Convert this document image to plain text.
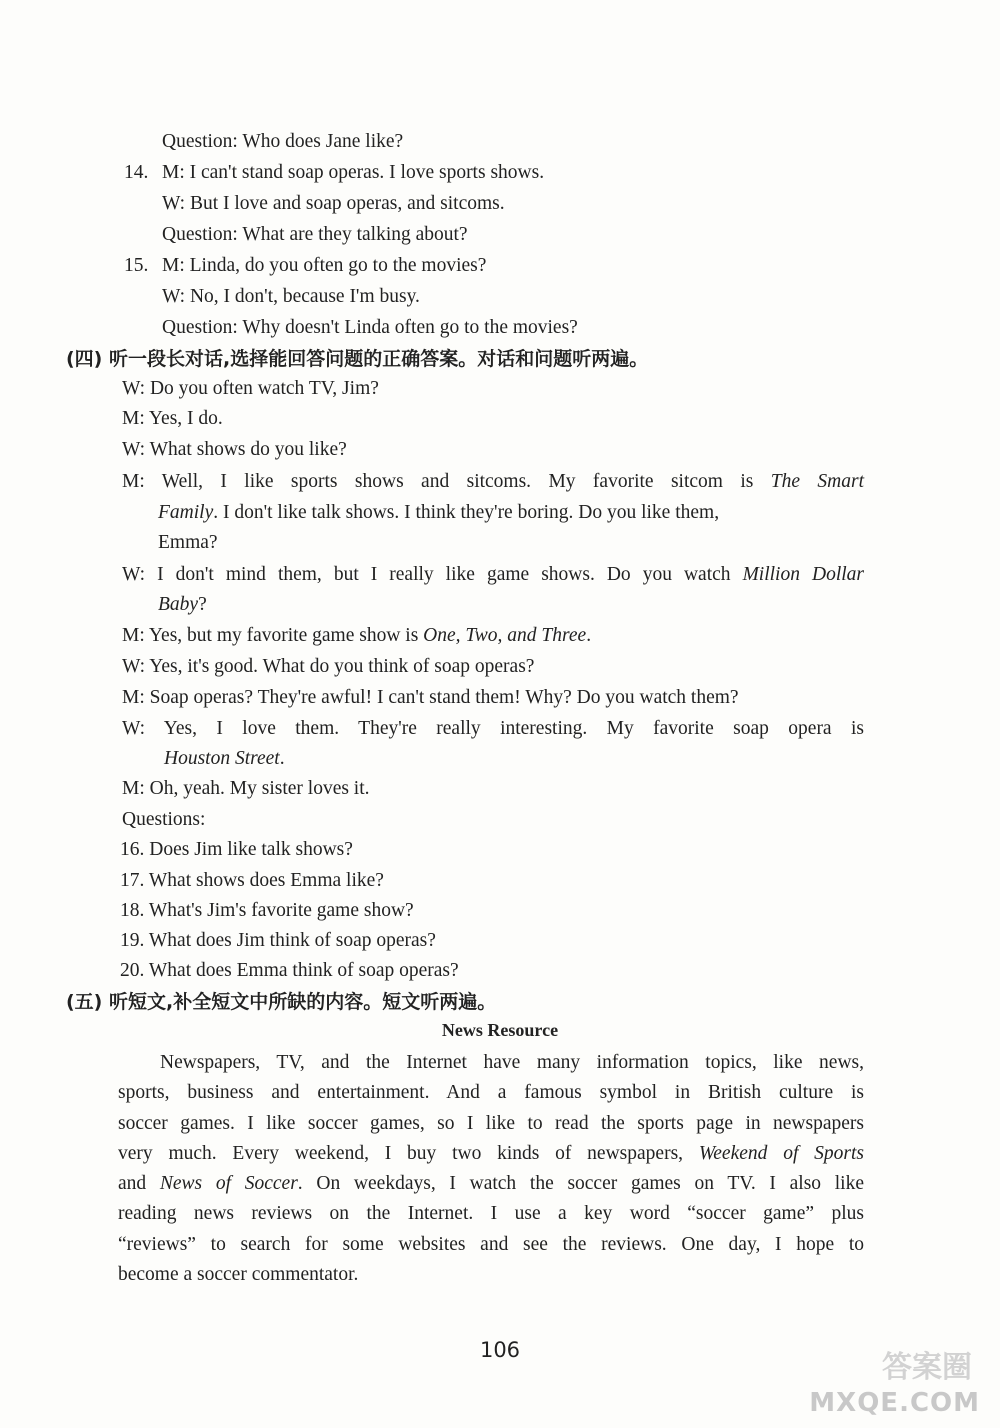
Question: Who does Jane like?
14. M: I can't stand soap operas. I love sports shows.
W: But I love and soap operas, and sitcoms.
Question: What are they talking about?
15. M: Linda, do you often go to the movies?
W: No, I don't, because I'm busy.
Question: Why doesn't Linda often go to the movies?
(四) 听一段长对话,选择能回答问题的正确答案。对话和问题听两遍。
W: Do you often watch TV, Jim?
M: Yes, I do.
W: What shows do you like?
M: Well, I like sports shows and sitcoms. My favorite sitcom is The Smart
Family. I don't like talk shows. I think they're boring. Do you like them,
Emma?
W: I don't mind them, but I really like game shows. Do you watch Million Dollar
Baby?
M: Yes, but my favorite game show is One, Two, and Three.
W: Yes, it's good. What do you think of soap operas?
M: Soap operas? They're awful! I can't stand them! Why? Do you watch them?
W: Yes, I love them. They're really interesting. My favorite soap opera is
Houston Street.
M: Oh, yeah. My sister loves it.
Questions:
16. Does Jim like talk shows?
17. What shows does Emma like?
18. What's Jim's favorite game show?
19. What does Jim think of soap operas?
20. What does Emma think of soap operas?
(五) 听短文,补全短文中所缺的内容。短文听两遍。
News Resource
Newspapers, TV, and the Internet have many information topics, like news,
sports, business and entertainment. And a famous symbol in British culture is
soccer games. I like soccer games, so I like to read the sports page in newspapers
very much. Every weekend, I buy two kinds of newspapers, Weekend of Sports
and News of Soccer. On weekdays, I watch the soccer games on TV. I also like
reading news reviews on the Internet. I use a key word “soccer game” plus
“reviews” to search for some websites and see the reviews. One day, I hope to
become a soccer commentator.
106	答案圈
MXQE.COM
